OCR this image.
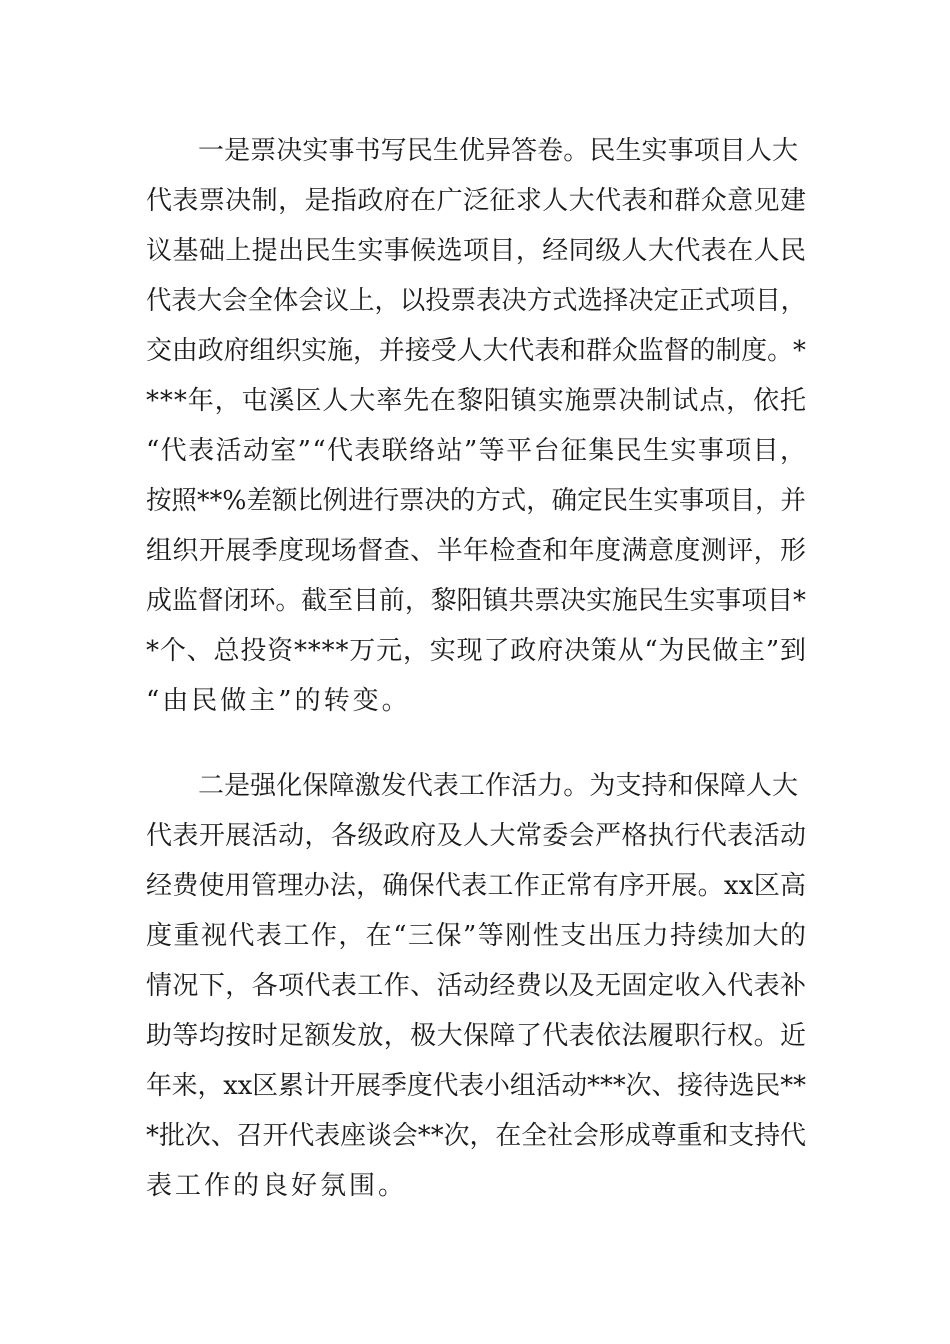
一是票决实事书写民生优异答卷。民生实事项目人大
代表票决制，是指政府在广泛征求人大代表和群众意见建
议基础上提出民生实事候选项目，经同级人大代表在人民
代表大会全体会议上，以投票表决方式选择决定正式项目，
交由政府组织实施，并接受人大代表和群众监督的制度。*
***年，屯溪区人大率先在黎阳镇实施票决制试点，依托
“代表活动室”“代表联络站”等平台征集民生实事项目，
按照**%差额比例进行票决的方式，确定民生实事项目，并
组织开展季度现场督查、半年检查和年度满意度测评，形
成监督闭环。截至目前，黎阳镇共票决实施民生实事项目*
*个、总投资****万元，实现了政府决策从“为民做主”到
“由民做主”的转变。
二是强化保障激发代表工作活力。为支持和保障人大
代表开展活动，各级政府及人大常委会严格执行代表活动
经费使用管理办法，确保代表工作正常有序开展。xx区高
度重视代表工作，在“三保”等刚性支出压力持续加大的
情况下，各项代表工作、活动经费以及无固定收入代表补
助等均按时足额发放，极大保障了代表依法履职行权。近
年来，xx区累计开展季度代表小组活动***次、接待选民**
*批次、召开代表座谈会**次，在全社会形成尊重和支持代
表工作的良好氛围。
